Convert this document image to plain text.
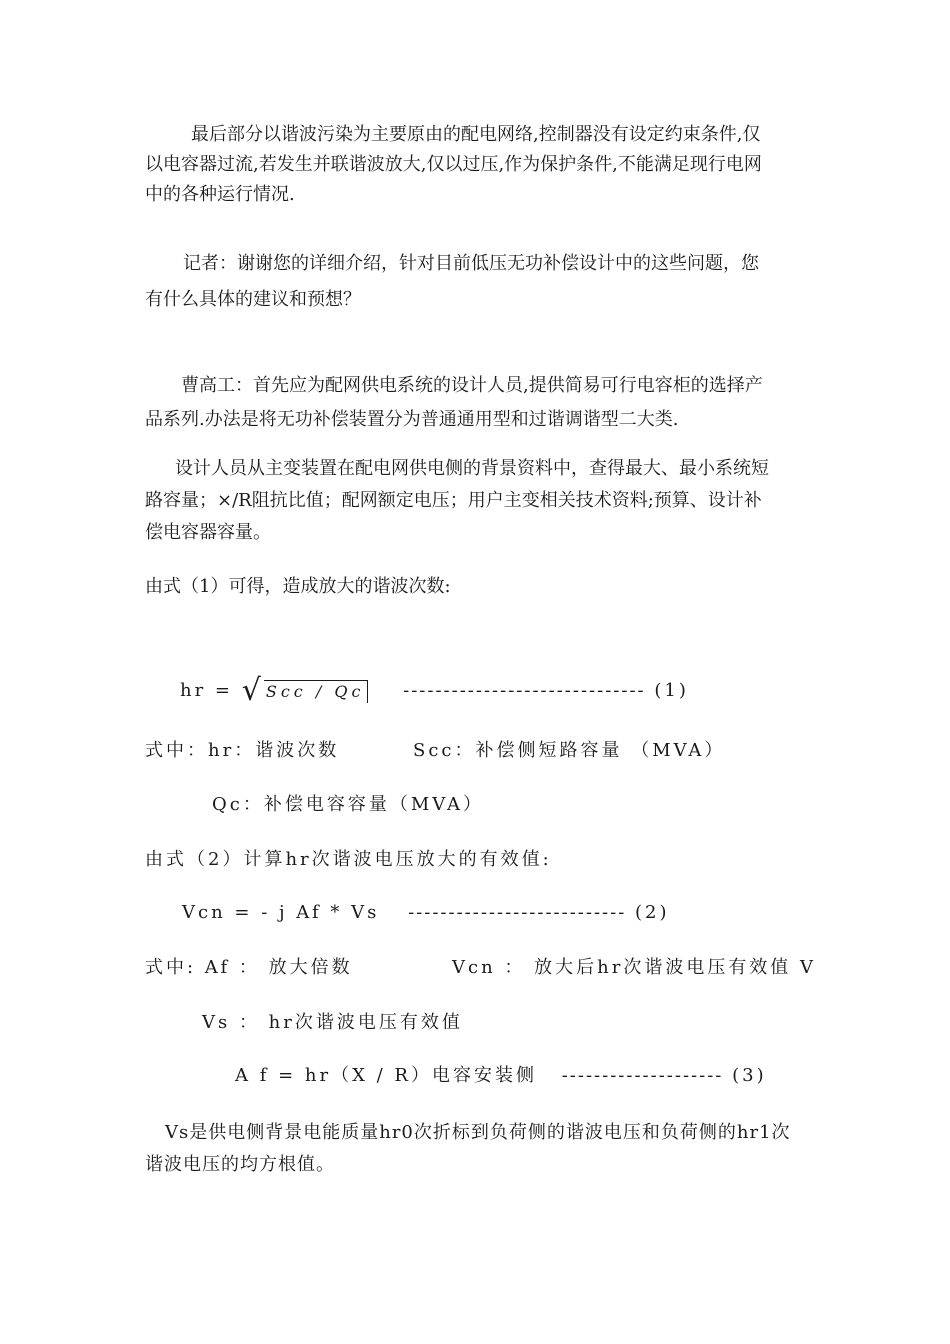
最后部分以谐波污染为主要原由的配电网络,控制器没有设定约束条件,仅
以电容器过流,若发生并联谐波放大,仅以过压,作为保护条件,不能满足现行电网
中的各种运行情况.
记者：谢谢您的详细介绍，针对目前低压无功补偿设计中的这些问题，您
有什么具体的建议和预想？
曹高工：首先应为配网供电系统的设计人员,提供简易可行电容柜的选择产
品系列.办法是将无功补偿装置分为普通通用型和过谐调谐型二大类.
设计人员从主变装置在配电网供电侧的背景资料中，查得最大、最小系统短
路容量；×/R阻抗比值；配网额定电压；用户主变相关技术资料;预算、设计补
偿电容器容量。
由式（1）可得，造成放大的谐波次数:
hr = √ Scc / Qc ------------------------------ (1)
式中：hr：谐波次数	Scc：补偿侧短路容量 （MVA）
Qc：补偿电容容量（MVA）
由式（2）计算hr次谐波电压放大的有效值:
Vcn = - j Af * Vs --------------------------- (2)
式中: Af ： 放大倍数	Vcn ： 放大后hr次谐波电压有效值 V
Vs ： hr次谐波电压有效值
A f = hr（X / R）电容安装侧 -------------------- (3)
Vs是供电侧背景电能质量hr0次折标到负荷侧的谐波电压和负荷侧的hr1次
谐波电压的均方根值。
